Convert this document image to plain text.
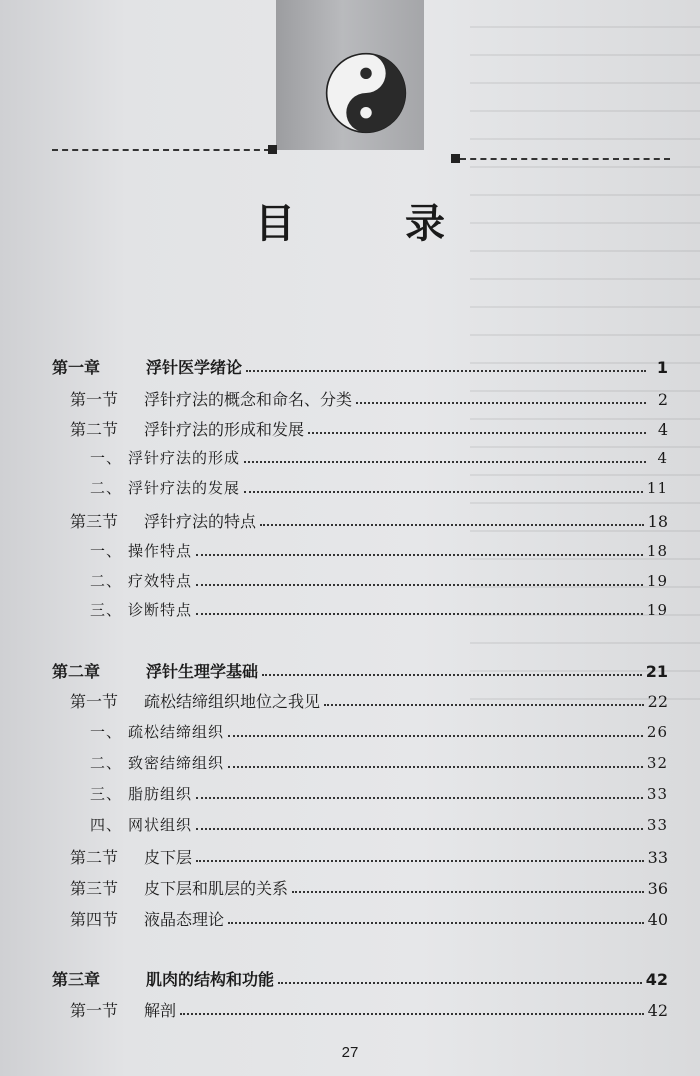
目 录
第一章	浮针医学绪论	1
第一节	浮针疗法的概念和命名、分类	2
第二节	浮针疗法的形成和发展	4
一、 浮针疗法的形成	4
二、 浮针疗法的发展	11
第三节	浮针疗法的特点	18
一、 操作特点	18
二、 疗效特点	19
三、 诊断特点	19
第二章	浮针生理学基础	21
第一节	疏松结缔组织地位之我见	22
一、 疏松结缔组织	26
二、 致密结缔组织	32
三、 脂肪组织	33
四、 网状组织	33
第二节	皮下层	33
第三节	皮下层和肌层的关系	36
第四节	液晶态理论	40
第三章	肌肉的结构和功能	42
第一节	解剖	42
27
